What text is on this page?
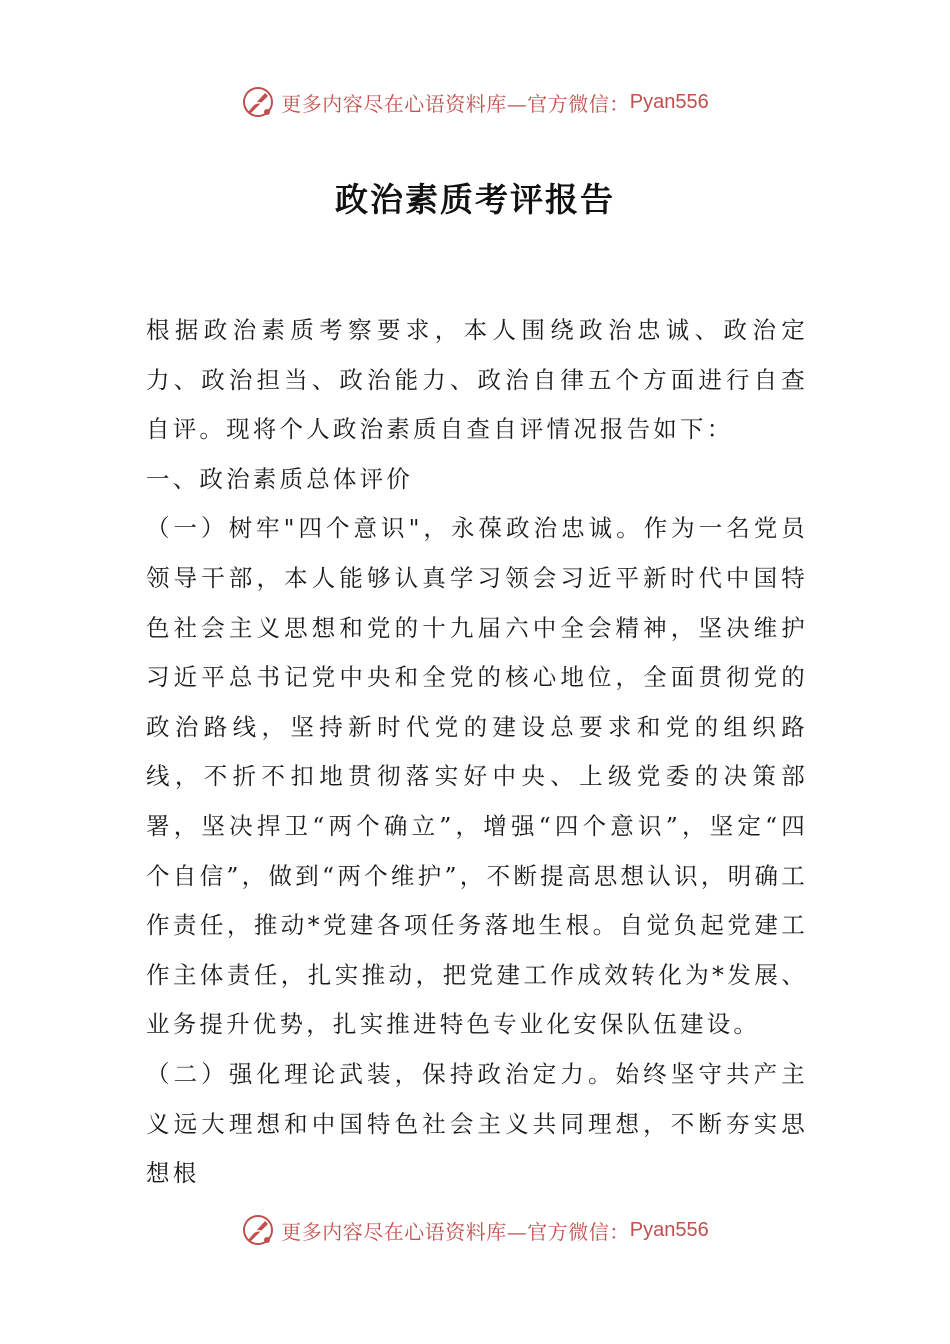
更多内容尽在心语资料库—官方微信： Pyan556
政治素质考评报告

根据政治素质考察要求，本人围绕政治忠诚、政治定力、政治担当、政治能力、政治自律五个方面进行自查自评。现将个人政治素质自查自评情况报告如下：

一、政治素质总体评价

（一）树牢"四个意识"，永葆政治忠诚。作为一名党员领导干部，本人能够认真学习领会习近平新时代中国特色社会主义思想和党的十九届六中全会精神，坚决维护习近平总书记党中央和全党的核心地位，全面贯彻党的政治路线，坚持新时代党的建设总要求和党的组织路线，不折不扣地贯彻落实好中央、上级党委的决策部署，坚决捍卫“两个确立”，增强“四个意识”，坚定“四个自信”，做到“两个维护”，不断提高思想认识，明确工作责任，推动*党建各项任务落地生根。自觉负起党建工作主体责任，扎实推动，把党建工作成效转化为*发展、业务提升优势，扎实推进特色专业化安保队伍建设。

（二）强化理论武装，保持政治定力。始终坚守共产主义远大理想和中国特色社会主义共同理想，不断夯实思想根

更多内容尽在心语资料库—官方微信： Pyan556
